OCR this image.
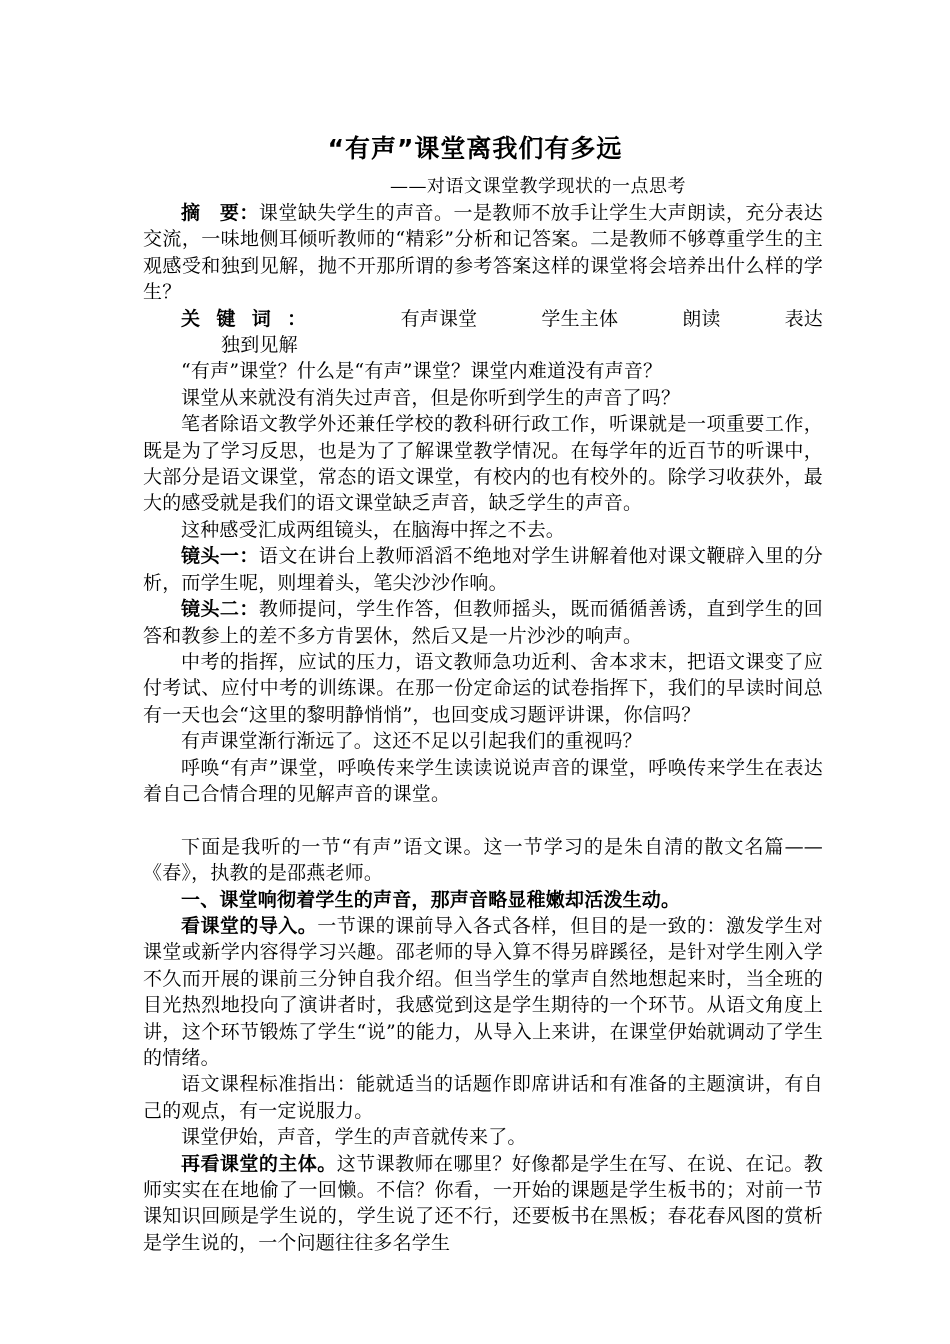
“有声”课堂离我们有多远
——对语文课堂教学现状的一点思考

摘　要：课堂缺失学生的声音。一是教师不放手让学生大声朗读，充分表达交流，一味地侧耳倾听教师的“精彩”分析和记答案。二是教师不够尊重学生的主观感受和独到见解，抛不开那所谓的参考答案这样的课堂将会培养出什么样的学生？

关键词：	有声课堂	学生主体	朗读	表达独到见解

“有声”课堂？什么是“有声”课堂？课堂内难道没有声音？

课堂从来就没有消失过声音，但是你听到学生的声音了吗？

笔者除语文教学外还兼任学校的教科研行政工作，听课就是一项重要工作，既是为了学习反思，也是为了了解课堂教学情况。在每学年的近百节的听课中，大部分是语文课堂，常态的语文课堂，有校内的也有校外的。除学习收获外，最大的感受就是我们的语文课堂缺乏声音，缺乏学生的声音。

这种感受汇成两组镜头，在脑海中挥之不去。

镜头一：语文在讲台上教师滔滔不绝地对学生讲解着他对课文鞭辟入里的分析，而学生呢，则埋着头，笔尖沙沙作响。

镜头二：教师提问，学生作答，但教师摇头，既而循循善诱，直到学生的回答和教参上的差不多方肯罢休，然后又是一片沙沙的响声。

中考的指挥，应试的压力，语文教师急功近利、舍本求末，把语文课变了应付考试、应付中考的训练课。在那一份定命运的试卷指挥下，我们的早读时间总有一天也会“这里的黎明静悄悄”，也回变成习题评讲课，你信吗？

有声课堂渐行渐远了。这还不足以引起我们的重视吗？

呼唤“有声”课堂，呼唤传来学生读读说说声音的课堂，呼唤传来学生在表达着自己合情合理的见解声音的课堂。

下面是我听的一节“有声”语文课。这一节学习的是朱自清的散文名篇——《春》，执教的是邵燕老师。

一、课堂响彻着学生的声音，那声音略显稚嫩却活泼生动。

看课堂的导入。一节课的课前导入各式各样，但目的是一致的：激发学生对课堂或新学内容得学习兴趣。邵老师的导入算不得另辟蹊径，是针对学生刚入学不久而开展的课前三分钟自我介绍。但当学生的掌声自然地想起来时，当全班的目光热烈地投向了演讲者时，我感觉到这是学生期待的一个环节。从语文角度上讲，这个环节锻炼了学生“说”的能力，从导入上来讲，在课堂伊始就调动了学生的情绪。

语文课程标准指出：能就适当的话题作即席讲话和有准备的主题演讲，有自己的观点，有一定说服力。

课堂伊始，声音，学生的声音就传来了。

再看课堂的主体。这节课教师在哪里？好像都是学生在写、在说、在记。教师实实在在地偷了一回懒。不信？你看，一开始的课题是学生板书的；对前一节课知识回顾是学生说的，学生说了还不行，还要板书在黑板；春花春风图的赏析是学生说的，一个问题往往多名学生
